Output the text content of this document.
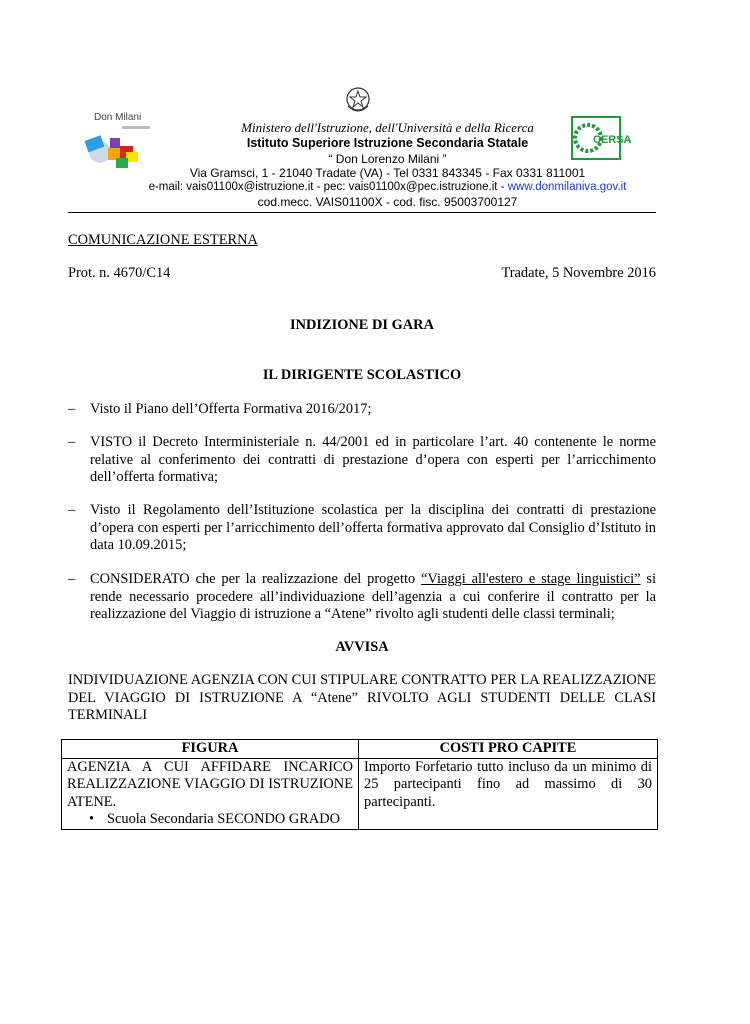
Don Milani
CERSA
Ministero dell'Istruzione, dell'Università e della Ricerca
Istituto Superiore Istruzione Secondaria Statale
“ Don Lorenzo Milani ”
Via Gramsci, 1 - 21040 Tradate (VA) - Tel 0331 843345 - Fax 0331 811001
e-mail: vais01100x@istruzione.it - pec: vais01100x@pec.istruzione.it - www.donmilaniva.gov.it
cod.mecc. VAIS01100X - cod. fisc. 95003700127
COMUNICAZIONE ESTERNA
Prot. n. 4670/C14	Tradate, 5 Novembre 2016
INDIZIONE DI GARA
IL DIRIGENTE SCOLASTICO
– Visto il Piano dell’Offerta Formativa 2016/2017;
– VISTO il Decreto Interministeriale n. 44/2001 ed in particolare l’art. 40 contenente le norme relative al conferimento dei contratti di prestazione d’opera con esperti per l’arricchimento dell’offerta formativa;
– Visto il Regolamento dell’Istituzione scolastica per la disciplina dei contratti di prestazione d’opera con esperti per l’arricchimento dell’offerta formativa approvato dal Consiglio d’Istituto in data 10.09.2015;
– CONSIDERATO che per la realizzazione del progetto “Viaggi all'estero e stage linguistici” si rende necessario procedere all’individuazione dell’agenzia a cui conferire il contratto per la realizzazione del Viaggio di istruzione a “Atene” rivolto agli studenti delle classi terminali;
AVVISA
INDIVIDUAZIONE AGENZIA CON CUI STIPULARE CONTRATTO PER LA REALIZZAZIONE DEL VIAGGIO DI ISTRUZIONE A “Atene” RIVOLTO AGLI STUDENTI DELLE CLASI TERMINALI
FIGURA	COSTI PRO CAPITE

AGENZIA A CUI AFFIDARE INCARICO REALIZZAZIONE VIAGGIO DI ISTRUZIONE ATENE.
• Scuola Secondaria SECONDO GRADO	Importo Forfetario tutto incluso da un minimo di 25 partecipanti fino ad massimo di 30 partecipanti.
